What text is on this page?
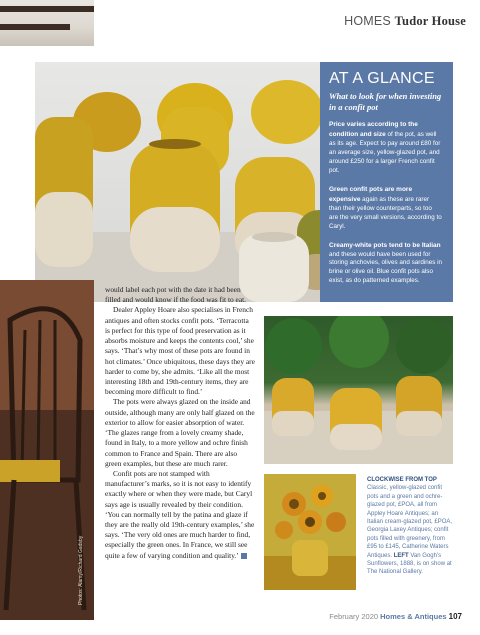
HOMES Tudor House
AT A GLANCE
What to look for when investing in a confit pot

Price varies according to the condition and size of the pot, as well as its age. Expect to pay around £80 for an average size, yellow-glazed pot, and around £250 for a larger French confit pot.

Green confit pots are more expensive again as these are rarer than their yellow counterparts, so too are the very small versions, according to Caryl.

Creamy-white pots tend to be Italian and these would have been used for storing anchovies, olives and sardines in brine or olive oil. Blue confit pots also exist, as do patterned examples.

Photos: Alamy/Richard Gadsby

would label each pot with the date it had been filled and would know if the food was fit to eat.

Dealer Appley Hoare also specialises in French antiques and often stocks confit pots. ‘Terracotta is perfect for this type of food preservation as it absorbs moisture and keeps the contents cool,’ she says. ‘That’s why most of these pots are found in hot climates.’ Once ubiquitous, these days they are harder to come by, she admits. ‘Like all the most interesting 18th and 19th-century items, they are becoming more difficult to find.’

The pots were always glazed on the inside and outside, although many are only half glazed on the exterior to allow for easier absorption of water. ‘The glazes range from a lovely creamy shade, found in Italy, to a more yellow and ochre finish common to France and Spain. There are also green examples, but these are much rarer.

Confit pots are not stamped with manufacturer’s marks, so it is not easy to identify exactly where or when they were made, but Caryl says age is usually revealed by their condition. ‘You can normally tell by the patina and glaze if they are the really old 19th-century examples,’ she says. ‘The very old ones are much harder to find, especially the green ones. In France, we still see quite a few of varying condition and quality.’

CLOCKWISE FROM TOP Classic, yellow-glazed confit pots and a green and ochre-glazed pot, £POA, all from Appley Hoare Antiques; an Italian cream-glazed pot, £POA, Georgia Laxey Antiques; confit pots filled with greenery, from £95 to £145, Catherine Waters Antiques. LEFT Van Gogh’s Sunflowers, 1888, is on show at The National Gallery.
February 2020 Homes & Antiques 107
